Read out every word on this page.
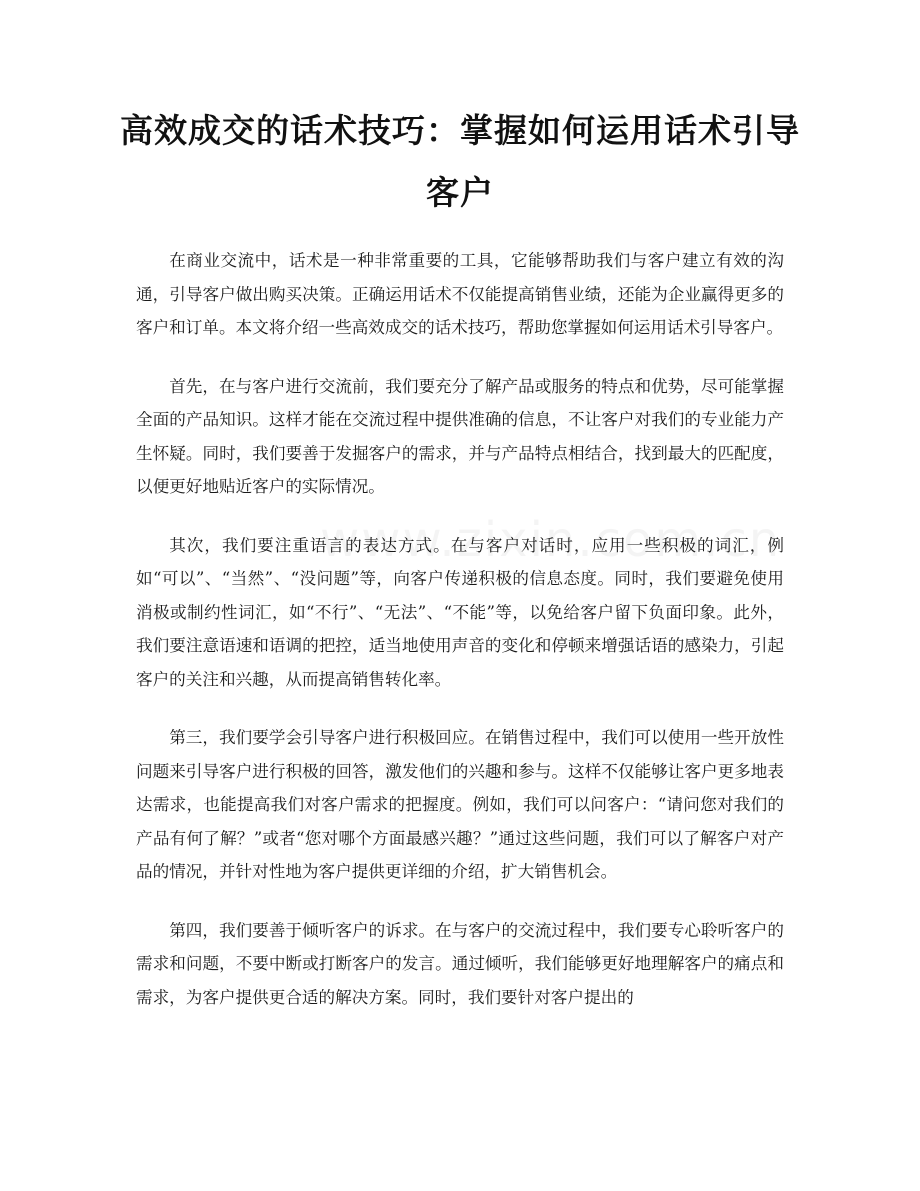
高效成交的话术技巧：掌握如何运用话术引导客户

在商业交流中，话术是一种非常重要的工具，它能够帮助我们与客户建立有效的沟通，引导客户做出购买决策。正确运用话术不仅能提高销售业绩，还能为企业赢得更多的客户和订单。本文将介绍一些高效成交的话术技巧，帮助您掌握如何运用话术引导客户。

首先，在与客户进行交流前，我们要充分了解产品或服务的特点和优势，尽可能掌握全面的产品知识。这样才能在交流过程中提供准确的信息，不让客户对我们的专业能力产生怀疑。同时，我们要善于发掘客户的需求，并与产品特点相结合，找到最大的匹配度，以便更好地贴近客户的实际情况。

其次，我们要注重语言的表达方式。在与客户对话时，应用一些积极的词汇，例如“可以”、“当然”、“没问题”等，向客户传递积极的信息态度。同时，我们要避免使用消极或制约性词汇，如“不行”、“无法”、“不能”等，以免给客户留下负面印象。此外，我们要注意语速和语调的把控，适当地使用声音的变化和停顿来增强话语的感染力，引起客户的关注和兴趣，从而提高销售转化率。

第三，我们要学会引导客户进行积极回应。在销售过程中，我们可以使用一些开放性问题来引导客户进行积极的回答，激发他们的兴趣和参与。这样不仅能够让客户更多地表达需求，也能提高我们对客户需求的把握度。例如，我们可以问客户：“请问您对我们的产品有何了解？”或者“您对哪个方面最感兴趣？”通过这些问题，我们可以了解客户对产品的情况，并针对性地为客户提供更详细的介绍，扩大销售机会。

第四，我们要善于倾听客户的诉求。在与客户的交流过程中，我们要专心聆听客户的需求和问题，不要中断或打断客户的发言。通过倾听，我们能够更好地理解客户的痛点和需求，为客户提供更合适的解决方案。同时，我们要针对客户提出的
